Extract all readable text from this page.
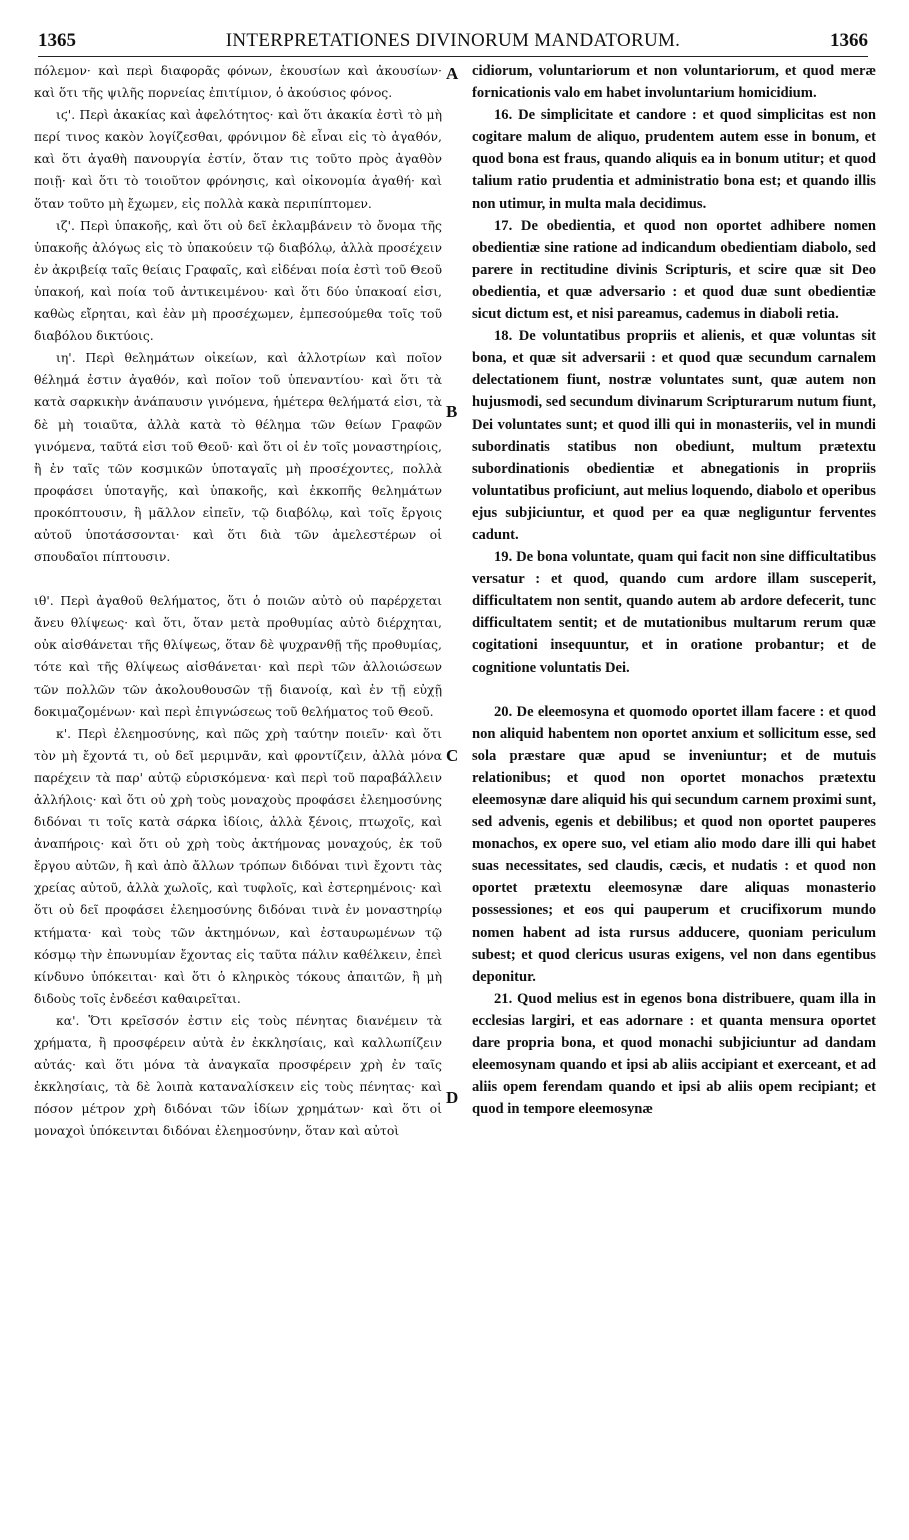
1365	INTERPRETATIONES DIVINORUM MANDATORUM.	1366
A
B
C
D

πόλεμον· καὶ περὶ διαφορᾶς φόνων, ἑκουσίων καὶ ἀκουσίων· καὶ ὅτι τῆς ψιλῆς πορνείας ἐπιτίμιον, ὁ ἀκούσιος φόνος.

ιϛ'. Περὶ ἀκακίας καὶ ἀφελότητος· καὶ ὅτι ἀκακία ἐστὶ τὸ μὴ περί τινος κακὸν λογίζεσθαι, φρόνιμον δὲ εἶναι εἰς τὸ ἀγαθόν, καὶ ὅτι ἀγαθὴ πανουργία ἐστίν, ὅταν τις τοῦτο πρὸς ἀγαθὸν ποιῇ· καὶ ὅτι τὸ τοιοῦτον φρόνησις, καὶ οἰκονομία ἀγαθή· καὶ ὅταν τοῦτο μὴ ἔχωμεν, εἰς πολλὰ κακὰ περιπίπτομεν.

ιζ'. Περὶ ὑπακοῆς, καὶ ὅτι οὐ δεῖ ἐκλαμβάνειν τὸ ὄνομα τῆς ὑπακοῆς ἀλόγως εἰς τὸ ὑπακούειν τῷ διαβόλῳ, ἀλλὰ προσέχειν ἐν ἀκριβείᾳ ταῖς θείαις Γραφαῖς, καὶ εἰδέναι ποία ἐστὶ τοῦ Θεοῦ ὑπακοή, καὶ ποία τοῦ ἀντικειμένου· καὶ ὅτι δύο ὑπακοαί εἰσι, καθὼς εἴρηται, καὶ ἐὰν μὴ προσέχωμεν, ἐμπεσούμεθα τοῖς τοῦ διαβόλου δικτύοις.

ιη'. Περὶ θελημάτων οἰκείων, καὶ ἀλλοτρίων καὶ ποῖον θέλημά ἐστιν ἀγαθόν, καὶ ποῖον τοῦ ὑπεναντίου· καὶ ὅτι τὰ κατὰ σαρκικὴν ἀνάπαυσιν γινόμενα, ἡμέτερα θελήματά εἰσι, τὰ δὲ μὴ τοιαῦτα, ἀλλὰ κατὰ τὸ θέλημα τῶν θείων Γραφῶν γινόμενα, ταῦτά εἰσι τοῦ Θεοῦ· καὶ ὅτι οἱ ἐν τοῖς μοναστηρίοις, ἢ ἐν ταῖς τῶν κοσμικῶν ὑποταγαῖς μὴ προσέχοντες, πολλὰ προφάσει ὑποταγῆς, καὶ ὑπακοῆς, καὶ ἐκκοπῆς θελημάτων προκόπτουσιν, ἢ μᾶλλον εἰπεῖν, τῷ διαβόλῳ, καὶ τοῖς ἔργοις αὐτοῦ ὑποτάσσονται· καὶ ὅτι διὰ τῶν ἀμελεστέρων οἱ σπουδαῖοι πίπτουσιν.

ιθ'. Περὶ ἀγαθοῦ θελήματος, ὅτι ὁ ποιῶν αὐτὸ οὐ παρέρχεται ἄνευ θλίψεως· καὶ ὅτι, ὅταν μετὰ προθυμίας αὐτὸ διέρχηται, οὐκ αἰσθάνεται τῆς θλίψεως, ὅταν δὲ ψυχρανθῇ τῆς προθυμίας, τότε καὶ τῆς θλίψεως αἰσθάνεται· καὶ περὶ τῶν ἀλλοιώσεων τῶν πολλῶν τῶν ἀκολουθουσῶν τῇ διανοίᾳ, καὶ ἐν τῇ εὐχῇ δοκιμαζομένων· καὶ περὶ ἐπιγνώσεως τοῦ θελήματος τοῦ Θεοῦ.

κ'. Περὶ ἐλεημοσύνης, καὶ πῶς χρὴ ταύτην ποιεῖν· καὶ ὅτι τὸν μὴ ἔχοντά τι, οὐ δεῖ μεριμνᾶν, καὶ φροντίζειν, ἀλλὰ μόνα παρέχειν τὰ παρ' αὐτῷ εὑρισκόμενα· καὶ περὶ τοῦ παραβάλλειν ἀλλήλοις· καὶ ὅτι οὐ χρὴ τοὺς μοναχοὺς προφάσει ἐλεημοσύνης διδόναι τι τοῖς κατὰ σάρκα ἰδίοις, ἀλλὰ ξένοις, πτωχοῖς, καὶ ἀναπήροις· καὶ ὅτι οὐ χρὴ τοὺς ἀκτήμονας μοναχούς, ἐκ τοῦ ἔργου αὐτῶν, ἢ καὶ ἀπὸ ἄλλων τρόπων διδόναι τινὶ ἔχοντι τὰς χρείας αὐτοῦ, ἀλλὰ χωλοῖς, καὶ τυφλοῖς, καὶ ἐστερημένοις· καὶ ὅτι οὐ δεῖ προφάσει ἐλεημοσύνης διδόναι τινὰ ἐν μοναστηρίῳ κτήματα· καὶ τοὺς τῶν ἀκτημόνων, καὶ ἐσταυρωμένων τῷ κόσμῳ τὴν ἐπωνυμίαν ἔχοντας εἰς ταῦτα πάλιν καθέλκειν, ἐπεὶ κίνδυνο ὑπόκειται· καὶ ὅτι ὁ κληρικὸς τόκους ἀπαιτῶν, ἢ μὴ διδοὺς τοῖς ἐνδεέσι καθαιρεῖται.

κα'. Ὅτι κρεῖσσόν ἐστιν εἰς τοὺς πένητας διανέμειν τὰ χρήματα, ἢ προσφέρειν αὐτὰ ἐν ἐκκλησίαις, καὶ καλλωπίζειν αὐτάς· καὶ ὅτι μόνα τὰ ἀναγκαῖα προσφέρειν χρὴ ἐν ταῖς ἐκκλησίαις, τὰ δὲ λοιπὰ καταναλίσκειν εἰς τοὺς πένητας· καὶ πόσον μέτρον χρὴ διδόναι τῶν ἰδίων χρημάτων· καὶ ὅτι οἱ μοναχοὶ ὑπόκεινται διδόναι ἐλεημοσύνην, ὅταν καὶ αὐτοὶ

cidiorum, voluntariorum et non voluntariorum, et quod meræ fornicationis valo em habet involuntarium homicidium.

16. De simplicitate et candore : et quod simplicitas est non cogitare malum de aliquo, prudentem autem esse in bonum, et quod bona est fraus, quando aliquis ea in bonum utitur; et quod talium ratio prudentia et administratio bona est; et quando illis non utimur, in multa mala decidimus.

17. De obedientia, et quod non oportet adhibere nomen obedientiæ sine ratione ad indicandum obedientiam diabolo, sed parere in rectitudine divinis Scripturis, et scire quæ sit Deo obedientia, et quæ adversario : et quod duæ sunt obedientiæ sicut dictum est, et nisi pareamus, cademus in diaboli retia.

18. De voluntatibus propriis et alienis, et quæ voluntas sit bona, et quæ sit adversarii : et quod quæ secundum carnalem delectationem fiunt, nostræ voluntates sunt, quæ autem non hujusmodi, sed secundum divinarum Scripturarum nutum fiunt, Dei voluntates sunt; et quod illi qui in monasteriis, vel in mundi subordinatis statibus non obediunt, multum prætextu subordinationis obedientiæ et abnegationis in propriis voluntatibus proficiunt, aut melius loquendo, diabolo et operibus ejus subjiciuntur, et quod per ea quæ negliguntur ferventes cadunt.

19. De bona voluntate, quam qui facit non sine difficultatibus versatur : et quod, quando cum ardore illam susceperit, difficultatem non sentit, quando autem ab ardore defecerit, tunc difficultatem sentit; et de mutationibus multarum rerum quæ cogitationi insequuntur, et in oratione probantur; et de cognitione voluntatis Dei.

20. De eleemosyna et quomodo oportet illam facere : et quod non aliquid habentem non oportet anxium et sollicitum esse, sed sola præstare quæ apud se inveniuntur; et de mutuis relationibus; et quod non oportet monachos prætextu eleemosynæ dare aliquid his qui secundum carnem proximi sunt, sed advenis, egenis et debilibus; et quod non oportet pauperes monachos, ex opere suo, vel etiam alio modo dare illi qui habet suas necessitates, sed claudis, cæcis, et nudatis : et quod non oportet prætextu eleemosynæ dare aliquas monasterio possessiones; et eos qui pauperum et crucifixorum mundo nomen habent ad ista rursus adducere, quoniam periculum subest; et quod clericus usuras exigens, vel non dans egentibus deponitur.

21. Quod melius est in egenos bona distribuere, quam illa in ecclesias largiri, et eas adornare : et quanta mensura oportet dare propria bona, et quod monachi subjiciuntur ad dandam eleemosynam quando et ipsi ab aliis accipiant et exerceant, et ad aliis opem ferendam quando et ipsi ab aliis opem recipiant; et quod in tempore eleemosynæ
